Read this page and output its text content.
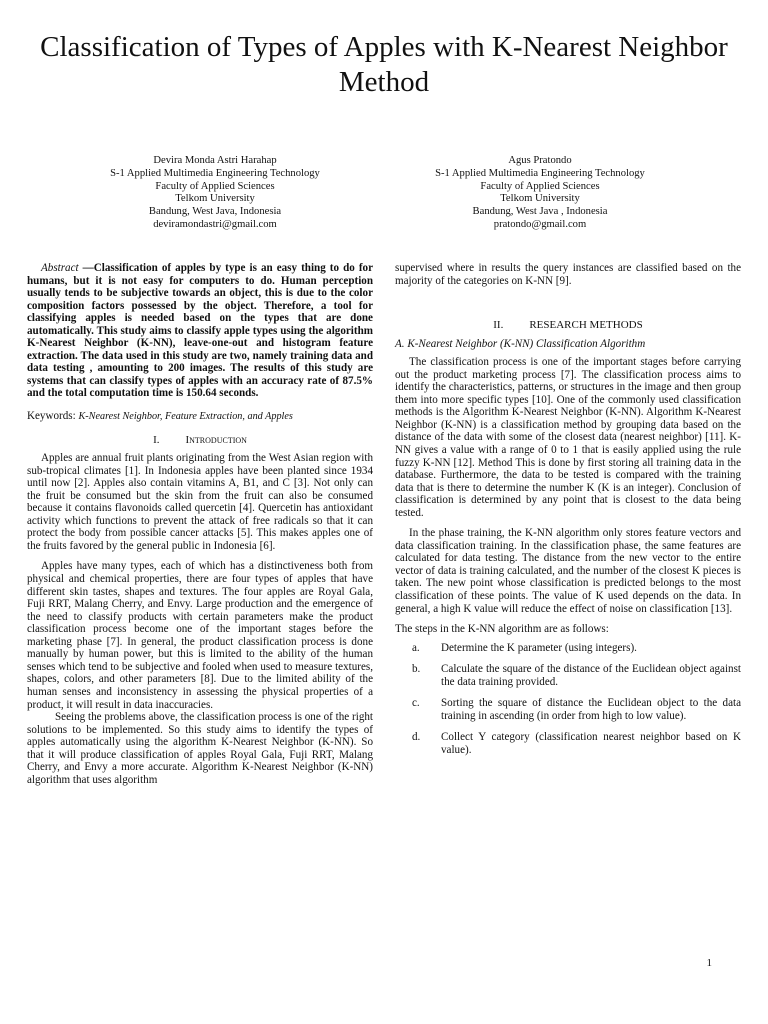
Classification of Types of Apples with K-Nearest Neighbor Method
Devira Monda Astri Harahap
S-1 Applied Multimedia Engineering Technology
Faculty of Applied Sciences
Telkom University
Bandung, West Java, Indonesia
deviramondastri@gmail.com
Agus Pratondo
S-1 Applied Multimedia Engineering Technology
Faculty of Applied Sciences
Telkom University
Bandung, West Java , Indonesia
pratondo@gmail.com

Abstract —Classification of apples by type is an easy thing to do for humans, but it is not easy for computers to do. Human perception usually tends to be subjective towards an object, this is due to the color composition factors possessed by the object. Therefore, a tool for classifying apples is needed based on the types that are done automatically. This study aims to classify apple types using the algorithm K-Nearest Neighbor (K-NN), leave-one-out and histogram feature extraction. The data used in this study are two, namely training data and data testing , amounting to 200 images. The results of this study are systems that can classify types of apples with an accuracy rate of 87.5% and the total computation time is 150.64 seconds.

Keywords: K-Nearest Neighbor, Feature Extraction, and Apples

I. Introduction

Apples are annual fruit plants originating from the West Asian region with sub-tropical climates [1]. In Indonesia apples have been planted since 1934 until now [2]. Apples also contain vitamins A, B1, and C [3]. Not only can the fruit be consumed but the skin from the fruit can also be consumed because it contains flavonoids called quercetin [4]. Quercetin has antioxidant activity which functions to prevent the attack of free radicals so that it can protect the body from possible cancer attacks [5]. This makes apples one of the fruits favored by the general public in Indonesia [6].

Apples have many types, each of which has a distinctiveness both from physical and chemical properties, there are four types of apples that have different skin tastes, shapes and textures. The four apples are Royal Gala, Fuji RRT, Malang Cherry, and Envy. Large production and the emergence of the need to classify products with certain parameters make the product classification process become one of the important stages before the marketing phase [7]. In general, the product classification process is done manually by human power, but this is limited to the ability of the human senses which tend to be subjective and fooled when used to measure textures, shapes, colors, and other parameters [8]. Due to the limited ability of the human senses and inconsistency in assessing the physical properties of a product, it will result in data inaccuracies.

Seeing the problems above, the classification process is one of the right solutions to be implemented. So this study aims to identify the types of apples automatically using the algorithm K-Nearest Neighbor (K-NN). So that it will produce classification of apples Royal Gala, Fuji RRT, Malang Cherry, and Envy a more accurate. Algorithm K-Nearest Neighbor (K-NN) algorithm that uses algorithm

supervised where in results the query instances are classified based on the majority of the categories on K-NN [9].

II. RESEARCH METHODS

A. K-Nearest Neighbor (K-NN) Classification Algorithm

The classification process is one of the important stages before carrying out the product marketing process [7]. The classification process aims to identify the characteristics, patterns, or structures in the image and then group them into more specific types [10]. One of the commonly used classification methods is the Algorithm K-Nearest Neighbor (K-NN). Algorithm K-Nearest Neighbor (K-NN) is a classification method by grouping data based on the distance of the data with some of the closest data (nearest neighbor) [11]. K-NN gives a value with a range of 0 to 1 that is easily applied using the rule fuzzy K-NN [12]. Method This is done by first storing all training data in the database. Furthermore, the data to be tested is compared with the training data that is there to determine the number K (K is an integer). Conclusion of classification is determined by any point that is closest to the data being tested.

In the phase training, the K-NN algorithm only stores feature vectors and data classification training. In the classification phase, the same features are calculated for data testing. The distance from the new vector to the entire vector of data is training calculated, and the number of the closest K pieces is taken. The new point whose classification is predicted belongs to the most classification of these points. The value of K used depends on the data. In general, a high K value will reduce the effect of noise on classification [13].

The steps in the K-NN algorithm are as follows:

a. Determine the K parameter (using integers).
b. Calculate the square of the distance of the Euclidean object against the data training provided.
c. Sorting the square of distance the Euclidean object to the data training in ascending (in order from high to low value).
d. Collect Y category (classification nearest neighbor based on K value).
1
